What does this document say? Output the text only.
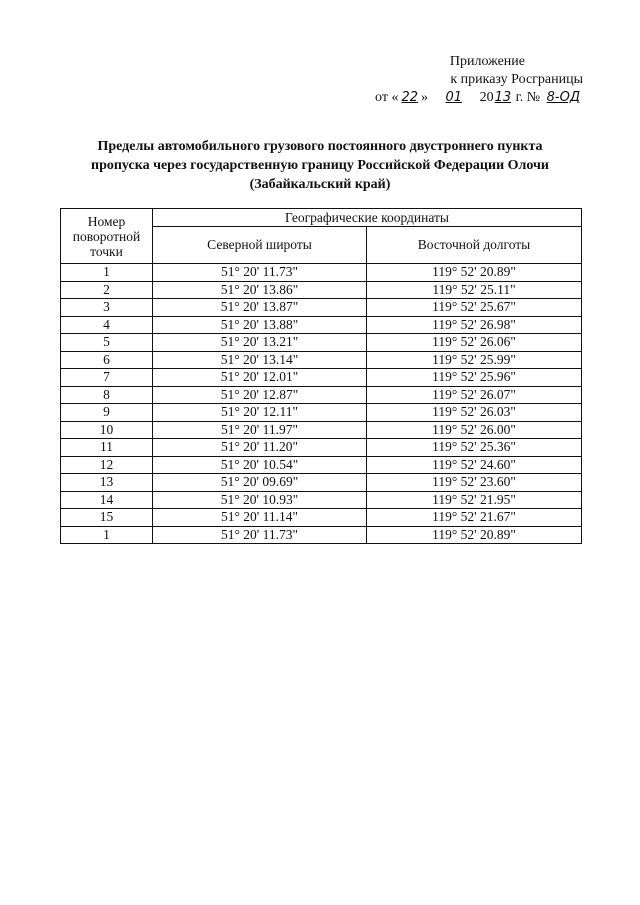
Приложение
к приказу Росграницы
от « 22 » 01 2013 г. № 8-ОД
Пределы автомобильного грузового постоянного двустроннего пункта
пропуска через государственную границу Российской Федерации Олочи
(Забайкальский край)
Номер поворотной точки	Географические координаты	
	Северной широты	Восточной долготы
1	51° 20' 11.73"	119° 52' 20.89"
2	51° 20' 13.86"	119° 52' 25.11"
3	51° 20' 13.87"	119° 52' 25.67"
4	51° 20' 13.88"	119° 52' 26.98"
5	51° 20' 13.21"	119° 52' 26.06"
6	51° 20' 13.14"	119° 52' 25.99"
7	51° 20' 12.01"	119° 52' 25.96"
8	51° 20' 12.87"	119° 52' 26.07"
9	51° 20' 12.11"	119° 52' 26.03"
10	51° 20' 11.97"	119° 52' 26.00"
11	51° 20' 11.20"	119° 52' 25.36"
12	51° 20' 10.54"	119° 52' 24.60"
13	51° 20' 09.69"	119° 52' 23.60"
14	51° 20' 10.93"	119° 52' 21.95"
15	51° 20' 11.14"	119° 52' 21.67"
1	51° 20' 11.73"	119° 52' 20.89"
